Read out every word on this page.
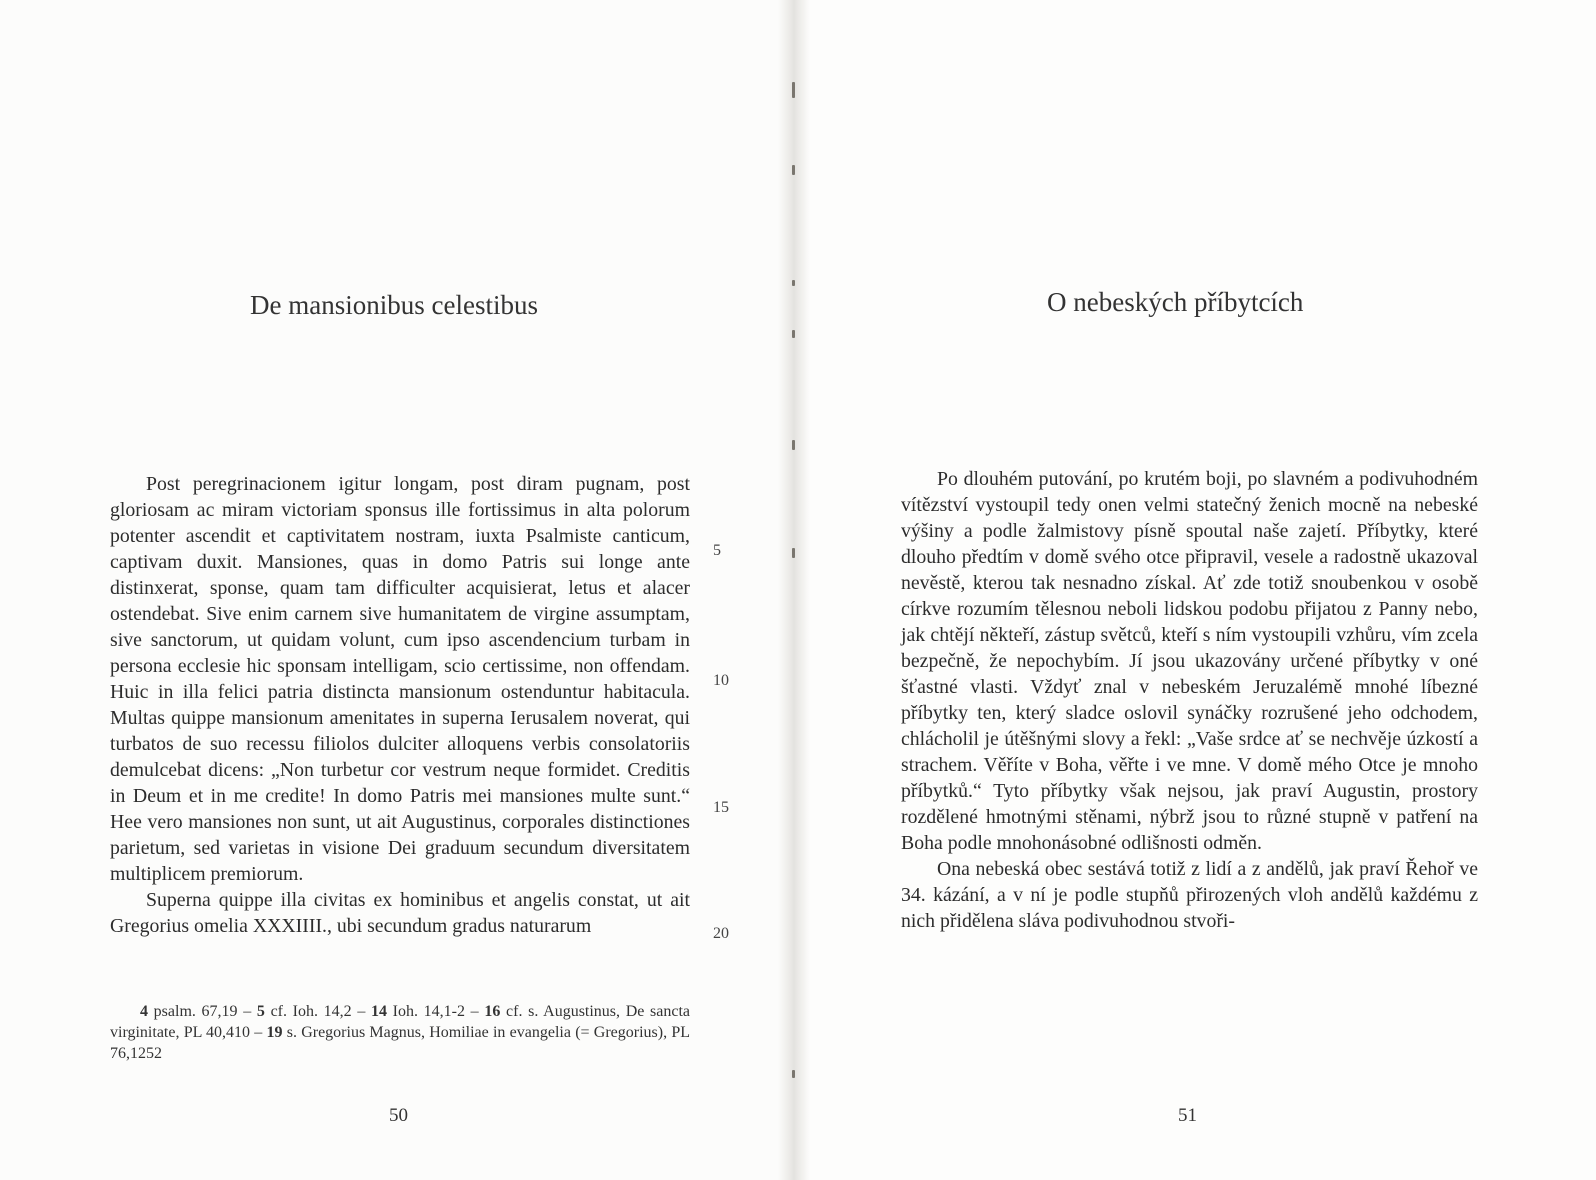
De mansionibus celestibus

Post peregrinacionem igitur longam, post diram pugnam, post gloriosam ac miram victoriam sponsus ille fortissimus in alta polorum potenter ascendit et captivitatem nostram, iuxta Psalmiste canticum, captivam duxit. Mansiones, quas in domo Patris sui longe ante distinxerat, sponse, quam tam difficulter acquisierat, letus et alacer ostendebat. Sive enim carnem sive humanitatem de virgine assumptam, sive sanctorum, ut quidam volunt, cum ipso ascendencium turbam in persona ecclesie hic sponsam intelligam, scio certissime, non offendam. Huic in illa felici patria distincta mansionum ostenduntur habitacula. Multas quippe mansionum amenitates in superna Ierusalem noverat, qui turbatos de suo recessu filiolos dulciter alloquens verbis consolatoriis demulcebat dicens: „Non turbetur cor vestrum neque formidet. Creditis in Deum et in me credite! In domo Patris mei mansiones multe sunt.“ Hee vero mansiones non sunt, ut ait Augustinus, corporales distinctiones parietum, sed varietas in visione Dei graduum secundum diversitatem multiplicem premiorum.

Superna quippe illa civitas ex hominibus et angelis constat, ut ait Gregorius omelia XXXIIII., ubi secundum gradus naturarum

5
10
15
20

4 psalm. 67,19 – 5 cf. Ioh. 14,2 – 14 Ioh. 14,1-2 – 16 cf. s. Augustinus, De sancta virginitate, PL 40,410 – 19 s. Gregorius Magnus, Homiliae in evangelia (= Gregorius), PL 76,1252

50
O nebeských příbytcích

Po dlouhém putování, po krutém boji, po slavném a podivuhodném vítězství vystoupil tedy onen velmi statečný ženich mocně na nebeské výšiny a podle žalmistovy písně spoutal naše zajetí. Příbytky, které dlouho předtím v domě svého otce připravil, vesele a radostně ukazoval nevěstě, kterou tak nesnadno získal. Ať zde totiž snoubenkou v osobě církve rozumím tělesnou neboli lidskou podobu přijatou z Panny nebo, jak chtějí někteří, zástup světců, kteří s ním vystoupili vzhůru, vím zcela bezpečně, že nepochybím. Jí jsou ukazovány určené příbytky v oné šťastné vlasti. Vždyť znal v nebeském Jeruzalémě mnohé líbezné příbytky ten, který sladce oslovil synáčky rozrušené jeho odchodem, chlácholil je útěšnými slovy a řekl: „Vaše srdce ať se nechvěje úzkostí a strachem. Věříte v Boha, věřte i ve mne. V domě mého Otce je mnoho příbytků.“ Tyto příbytky však nejsou, jak praví Augustin, prostory rozdělené hmotnými stěnami, nýbrž jsou to různé stupně v patření na Boha podle mnohonásobné odlišnosti odměn.

Ona nebeská obec sestává totiž z lidí a z andělů, jak praví Řehoř ve 34. kázání, a v ní je podle stupňů přirozených vloh andělů každému z nich přidělena sláva podivuhodnou stvoři-

51
